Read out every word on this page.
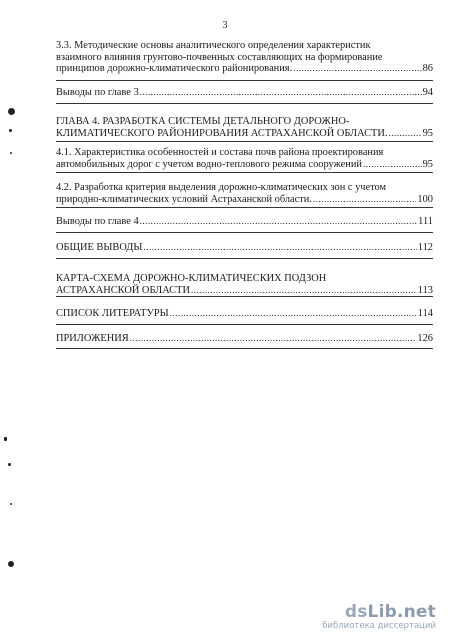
3
3.3. Методические основы аналитического определения характеристик
взаимного влияния грунтово-почвенных составляющих на формирование
принципов дорожно-климатического районирования. .....	86
Выводы по главе 3 .....	94
ГЛАВА 4. РАЗРАБОТКА СИСТЕМЫ ДЕТАЛЬНОГО ДОРОЖНО-
КЛИМАТИЧЕСКОГО РАЙОНИРОВАНИЯ АСТРАХАНСКОЙ ОБЛАСТИ. .....	95
4.1. Характеристика особенностей и состава почв района проектирования
автомобильных дорог с учетом водно-теплового режима сооружений .....	95
4.2. Разработка критерия выделения дорожно-климатических зон с учетом
природно-климатических условий Астраханской области. .....	100
Выводы по главе 4 .....	111
ОБЩИЕ ВЫВОДЫ .....	112
КАРТА-СХЕМА ДОРОЖНО-КЛИМАТИЧЕСКИХ ПОДЗОН
АСТРАХАНСКОЙ ОБЛАСТИ .....	113
СПИСОК ЛИТЕРАТУРЫ .....	114
ПРИЛОЖЕНИЯ .....	126
dsLib.net
библиотека диссертаций
